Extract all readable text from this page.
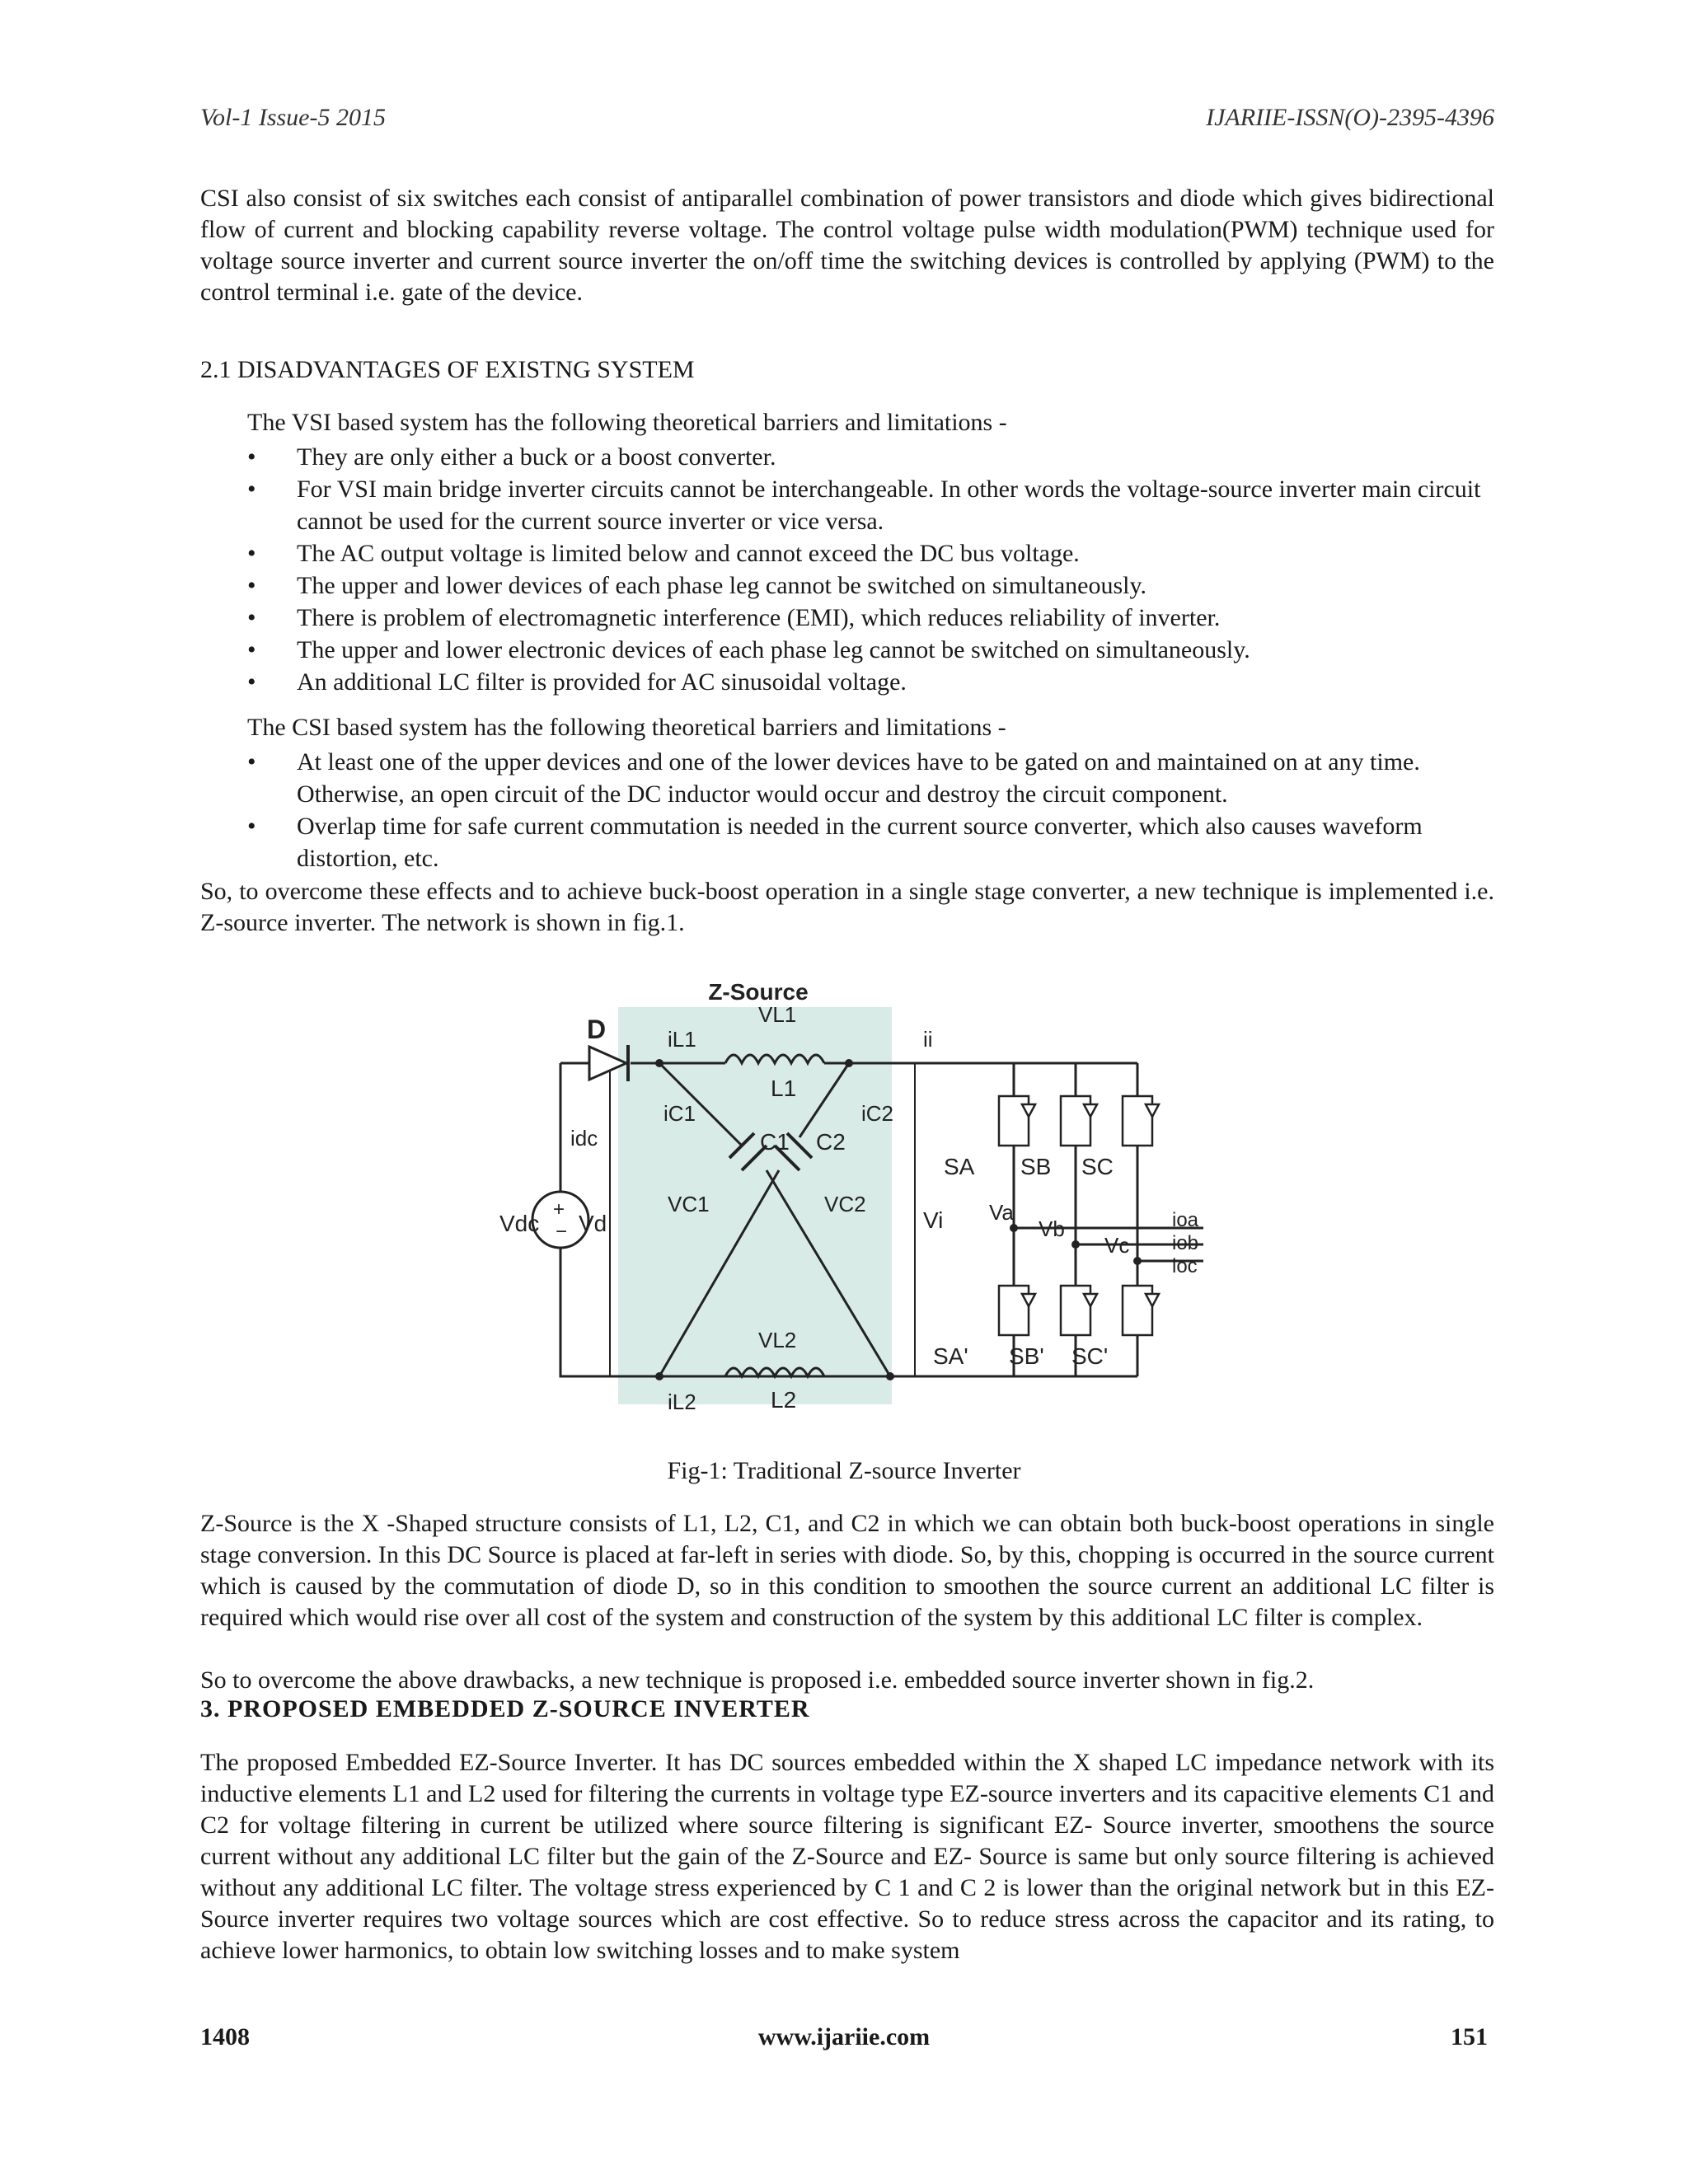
Vol-1 Issue-5 2015	IJARIIE-ISSN(O)-2395-4396

CSI also consist of six switches each consist of antiparallel combination of power transistors and diode which gives bidirectional flow of current and blocking capability reverse voltage. The control voltage pulse width modulation(PWM) technique used for voltage source inverter and current source inverter the on/off time the switching devices is controlled by applying (PWM) to the control terminal i.e. gate of the device.

2.1 DISADVANTAGES OF EXISTNG SYSTEM
The VSI based system has the following theoretical barriers and limitations -
• They are only either a buck or a boost converter.
• For VSI main bridge inverter circuits cannot be interchangeable. In other words the voltage-source inverter main circuit cannot be used for the current source inverter or vice versa.
• The AC output voltage is limited below and cannot exceed the DC bus voltage.
• The upper and lower devices of each phase leg cannot be switched on simultaneously.
• There is problem of electromagnetic interference (EMI), which reduces reliability of inverter.
• The upper and lower electronic devices of each phase leg cannot be switched on simultaneously.
• An additional LC filter is provided for AC sinusoidal voltage.
The CSI based system has the following theoretical barriers and limitations -
• At least one of the upper devices and one of the lower devices have to be gated on and maintained on at any time. Otherwise, an open circuit of the DC inductor would occur and destroy the circuit component.
• Overlap time for safe current commutation is needed in the current source converter, which also causes waveform distortion, etc.

So, to overcome these effects and to achieve buck-boost operation in a single stage converter, a new technique is implemented i.e. Z-source inverter. The network is shown in fig.1.

Z-Source
D
+
−
Vdc
idc
Vd
L1
VL1
iL1	ii
L2
VL2
iL2
C1 C2
iC1	iC2
VC1	VC2
Vi
SA SB SC
SA' SB' SC'
Va
Vb
Vc
ioa
iob
ioc
Fig-1: Traditional Z-source Inverter

Z-Source is the X -Shaped structure consists of L1, L2, C1, and C2 in which we can obtain both buck-boost operations in single stage conversion. In this DC Source is placed at far-left in series with diode. So, by this, chopping is occurred in the source current which is caused by the commutation of diode D, so in this condition to smoothen the source current an additional LC filter is required which would rise over all cost of the system and construction of the system by this additional LC filter is complex.

So to overcome the above drawbacks, a new technique is proposed i.e. embedded source inverter shown in fig.2.

3. PROPOSED EMBEDDED Z-SOURCE INVERTER

The proposed Embedded EZ-Source Inverter. It has DC sources embedded within the X shaped LC impedance network with its inductive elements L1 and L2 used for filtering the currents in voltage type EZ-source inverters and its capacitive elements C1 and C2 for voltage filtering in current be utilized where source filtering is significant EZ- Source inverter, smoothens the source current without any additional LC filter but the gain of the Z-Source and EZ- Source is same but only source filtering is achieved without any additional LC filter. The voltage stress experienced by C 1 and C 2 is lower than the original network but in this EZ-Source inverter requires two voltage sources which are cost effective. So to reduce stress across the capacitor and its rating, to achieve lower harmonics, to obtain low switching losses and to make system

1408	www.ijariie.com	151
